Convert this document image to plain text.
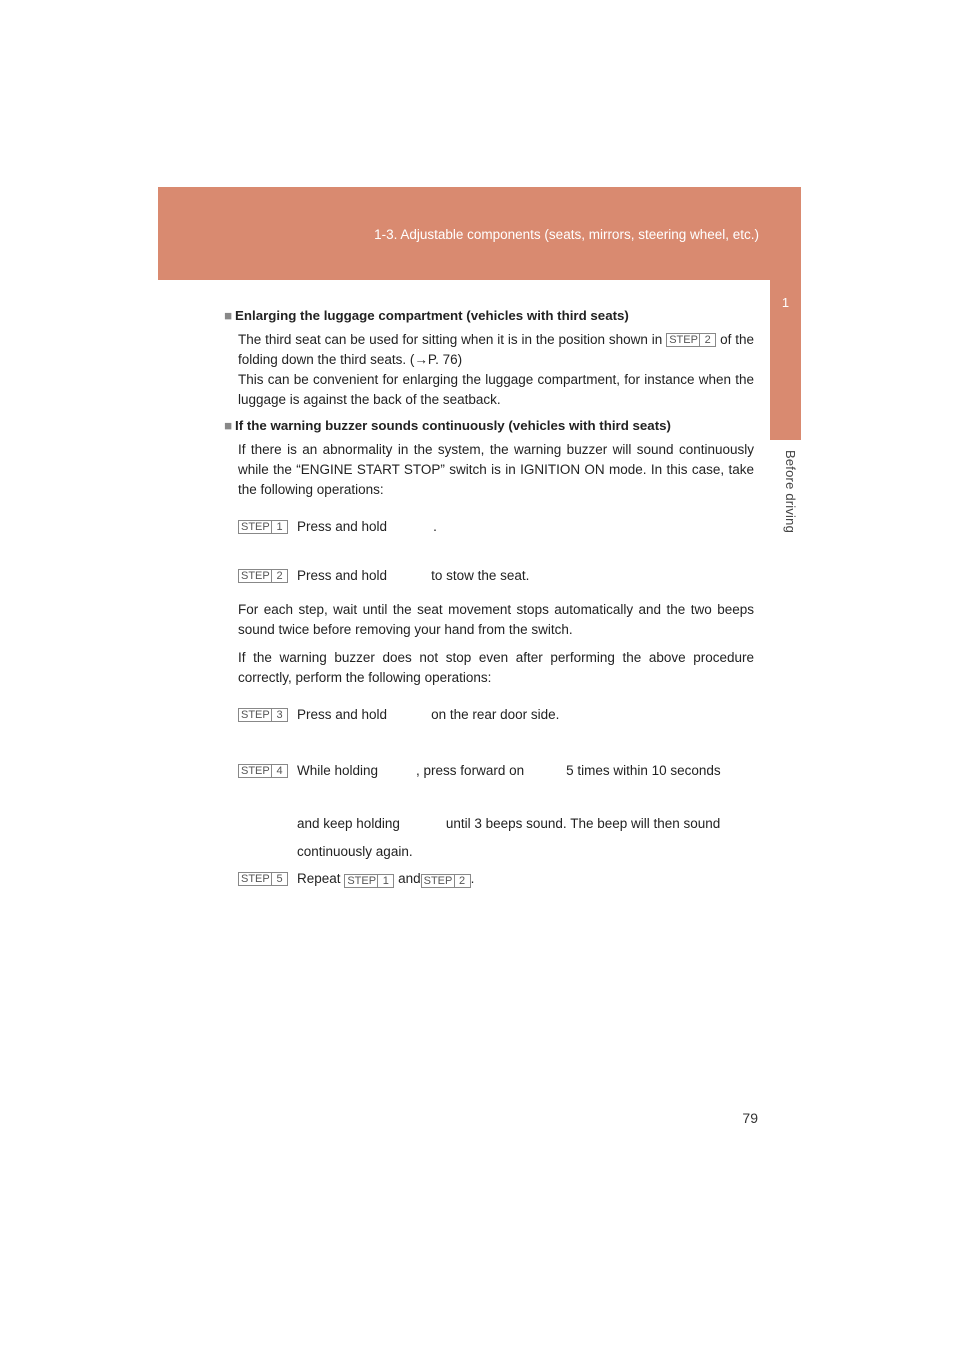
1-3. Adjustable components (seats, mirrors, steering wheel, etc.)
1
Before driving
■ Enlarging the luggage compartment (vehicles with third seats)

The third seat can be used for sitting when it is in the position shown in STEP 2 of the folding down the third seats. (→P. 76)

This can be convenient for enlarging the luggage compartment, for instance when the luggage is against the back of the seatback.

■ If the warning buzzer sounds continuously (vehicles with third seats)

If there is an abnormality in the system, the warning buzzer will sound continuously while the “ENGINE START STOP” switch is in IGNITION ON mode. In this case, take the following operations:

STEP 1	Press and hold	.
STEP 2	Press and hold	to stow the seat.

For each step, wait until the seat movement stops automatically and the two beeps sound twice before removing your hand from the switch.

If the warning buzzer does not stop even after performing the above procedure correctly, perform the following operations:

STEP 3	Press and hold	on the rear door side.
STEP 4	While holding	, press forward on	5 times within 10 seconds
and keep holding	until 3 beeps sound. The beep will then sound
continuously again.
STEP 5	Repeat STEP 1 and STEP 2 .
79
